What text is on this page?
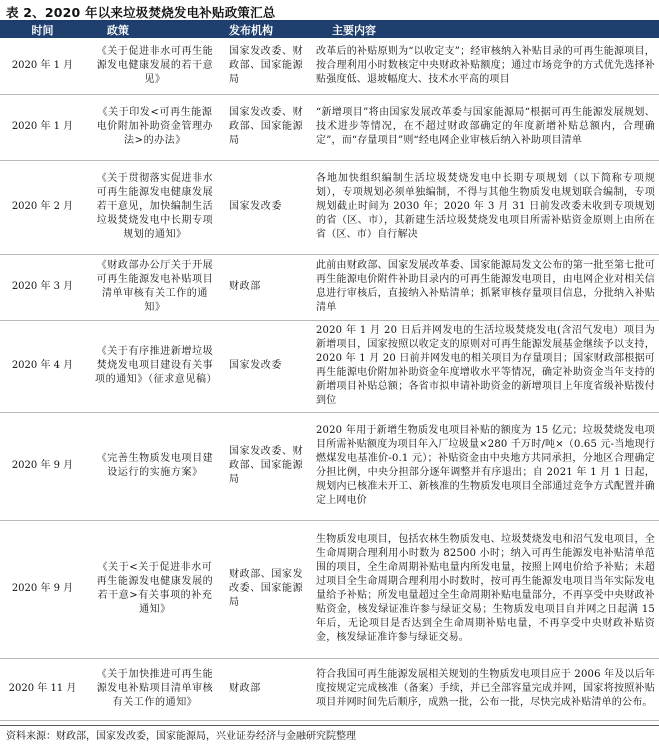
表 2、2020 年以来垃圾焚烧发电补贴政策汇总
时间	政策	发布机构	主要内容
2020 年 1 月	《关于促进非水可再生能源发电健康发展的若干意见》	国家发改委、财政部、国家能源局	改革后的补贴原则为“以收定支”；经审核纳入补贴目录的可再生能源项目，按合理利用小时数核定中央财政补贴额度；通过市场竞争的方式优先选择补贴强度低、退坡幅度大、技术水平高的项目
2020 年 1 月	《关于印发<可再生能源电价附加补助资金管理办法>的办法》	国家发改委、财政部、国家能源局	“新增项目”将由国家发展改革委与国家能源局“根据可再生能源发展规划、技术进步等情况，在不超过财政部确定的年度新增补贴总额内，合理确定”，而“存量项目”则“经电网企业审核后纳入补助项目清单
2020 年 2 月	《关于贯彻落实促进非水可再生能源发电健康发展若干意见，加快编制生活垃圾焚烧发电中长期专项规划的通知》	国家发改委	各地加快组织编制生活垃圾焚烧发电中长期专项规划（以下简称专项规划），专项规划必须单独编制，不得与其他生物质发电规划联合编制，专项规划截止时间为 2030 年；2020 年 3 月 31 日前发改委未收到专项规划的省（区、市），其新建生活垃圾焚烧发电项目所需补贴资金原则上由所在省（区、市）自行解决
2020 年 3 月	《财政部办公厅关于开展可再生能源发电补贴项目清单审核有关工作的通知》	财政部	此前由财政部、国家发展改革委、国家能源局发文公布的第一批至第七批可再生能源电价附件补助目录内的可再生能源发电项目，由电网企业对相关信息进行审核后，直接纳入补贴清单；抓紧审核存量项目信息，分批纳入补贴清单
2020 年 4 月	《关于有序推进新增垃圾焚烧发电项目建设有关事项的通知》（征求意见稿）	国家发改委	2020 年 1 月 20 日后并网发电的生活垃圾焚烧发电(含沼气发电）项目为新增项目，国家按照以收定支的原则对可再生能源发展基金继续予以支持，2020 年 1 月 20 日前并网发电的相关项目为存量项目；国家财政部根据可再生能源电价附加补助资金年度增收水平等情况，确定补助资金当年支持的新增项目补贴总额；各省市拟申请补助资金的新增项目上年度省级补贴拨付到位
2020 年 9 月	《完善生物质发电项目建设运行的实施方案》	国家发改委、财政部、国家能源局	2020 年用于新增生物质发电项目补贴的额度为 15 亿元；垃圾焚烧发电项目所需补贴额度为项目年入厂垃圾量×280 千万时/吨×（0.65 元-当地现行燃煤发电基准价-0.1 元）；补贴资金由中央地方共同承担，分地区合理确定分担比例，中央分担部分逐年调整并有序退出；自 2021 年 1 月 1 日起，规划内已核准未开工、新核准的生物质发电项目全部通过竞争方式配置并确定上网电价
2020 年 9 月	《关于<关于促进非水可再生能源发电健康发展的若干意>有关事项的补充通知》	财政部、国家发改委、国家能源局	生物质发电项目，包括农林生物质发电、垃圾焚烧发电和沼气发电项目，全生命周期合理利用小时数为 82500 小时；纳入可再生能源发电补贴清单范围的项目，全生命周期补贴电量内所发电量，按照上网电价给予补贴；未超过项目全生命周期合理利用小时数时，按可再生能源发电项目当年实际发电量给予补贴；所发电量超过全生命周期补贴电量部分，不再享受中央财政补贴资金，核发绿证准许参与绿证交易；生物质发电项目自并网之日起满 15 年后，无论项目是否达到全生命周期补贴电量，不再享受中央财政补贴资金，核发绿证准许参与绿证交易。
2020 年 11 月	《关于加快推进可再生能源发电补贴项目清单审核有关工作的通知》	财政部	符合我国可再生能源发展相关规划的生物质发电项目应于 2006 年及以后年度按规定完成核准（备案）手续，并已全部容量完成并网，国家将按照补贴项目并网时间先后顺序，成熟一批，公布一批，尽快完成补贴清单的公布。
资料来源：财政部，国家发改委，国家能源局，兴业证券经济与金融研究院整理
